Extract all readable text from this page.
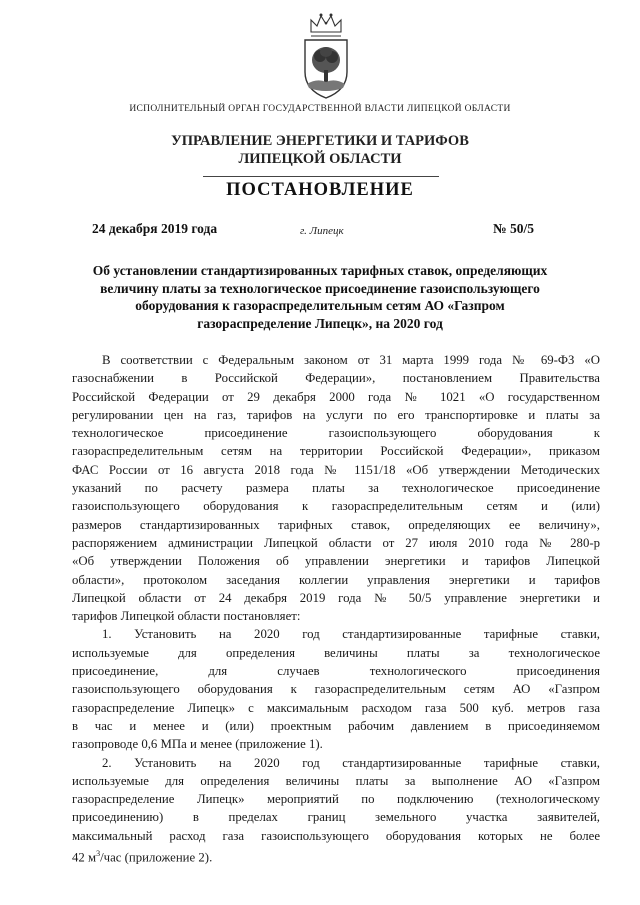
ИСПОЛНИТЕЛЬНЫЙ ОРГАН ГОСУДАРСТВЕННОЙ ВЛАСТИ ЛИПЕЦКОЙ ОБЛАСТИ
УПРАВЛЕНИЕ ЭНЕРГЕТИКИ И ТАРИФОВ
ЛИПЕЦКОЙ ОБЛАСТИ
ПОСТАНОВЛЕНИЕ
24 декабря 2019 года	г. Липецк	№ 50/5
Об установлении стандартизированных тарифных ставок, определяющих
величину платы за технологическое присоединение газоиспользующего
оборудования к газораспределительным сетям АО «Газпром
газораспределение Липецк», на 2020 год
В соответствии с Федеральным законом от 31 марта 1999 года № 69-ФЗ «О
газоснабжении в Российской Федерации», постановлением Правительства
Российской Федерации от 29 декабря 2000 года № 1021 «О государственном
регулировании цен на газ, тарифов на услуги по его транспортировке и платы за
технологическое присоединение газоиспользующего оборудования к
газораспределительным сетям на территории Российской Федерации», приказом
ФАС России от 16 августа 2018 года № 1151/18 «Об утверждении Методических
указаний по расчету размера платы за технологическое присоединение
газоиспользующего оборудования к газораспределительным сетям и (или)
размеров стандартизированных тарифных ставок, определяющих ее величину»,
распоряжением администрации Липецкой области от 27 июля 2010 года № 280-р
«Об утверждении Положения об управлении энергетики и тарифов Липецкой
области», протоколом заседания коллегии управления энергетики и тарифов
Липецкой области от 24 декабря 2019 года № 50/5 управление энергетики и
тарифов Липецкой области постановляет:
1. Установить на 2020 год стандартизированные тарифные ставки,
используемые для определения величины платы за технологическое
присоединение, для случаев технологического присоединения
газоиспользующего оборудования к газораспределительным сетям АО «Газпром
газораспределение Липецк» с максимальным расходом газа 500 куб. метров газа
в час и менее и (или) проектным рабочим давлением в присоединяемом
газопроводе 0,6 МПа и менее (приложение 1).
2. Установить на 2020 год стандартизированные тарифные ставки,
используемые для определения величины платы за выполнение АО «Газпром
газораспределение Липецк» мероприятий по подключению (технологическому
присоединению) в пределах границ земельного участка заявителей,
максимальный расход газа газоиспользующего оборудования которых не более
42 $м^3$/час (приложение 2).
